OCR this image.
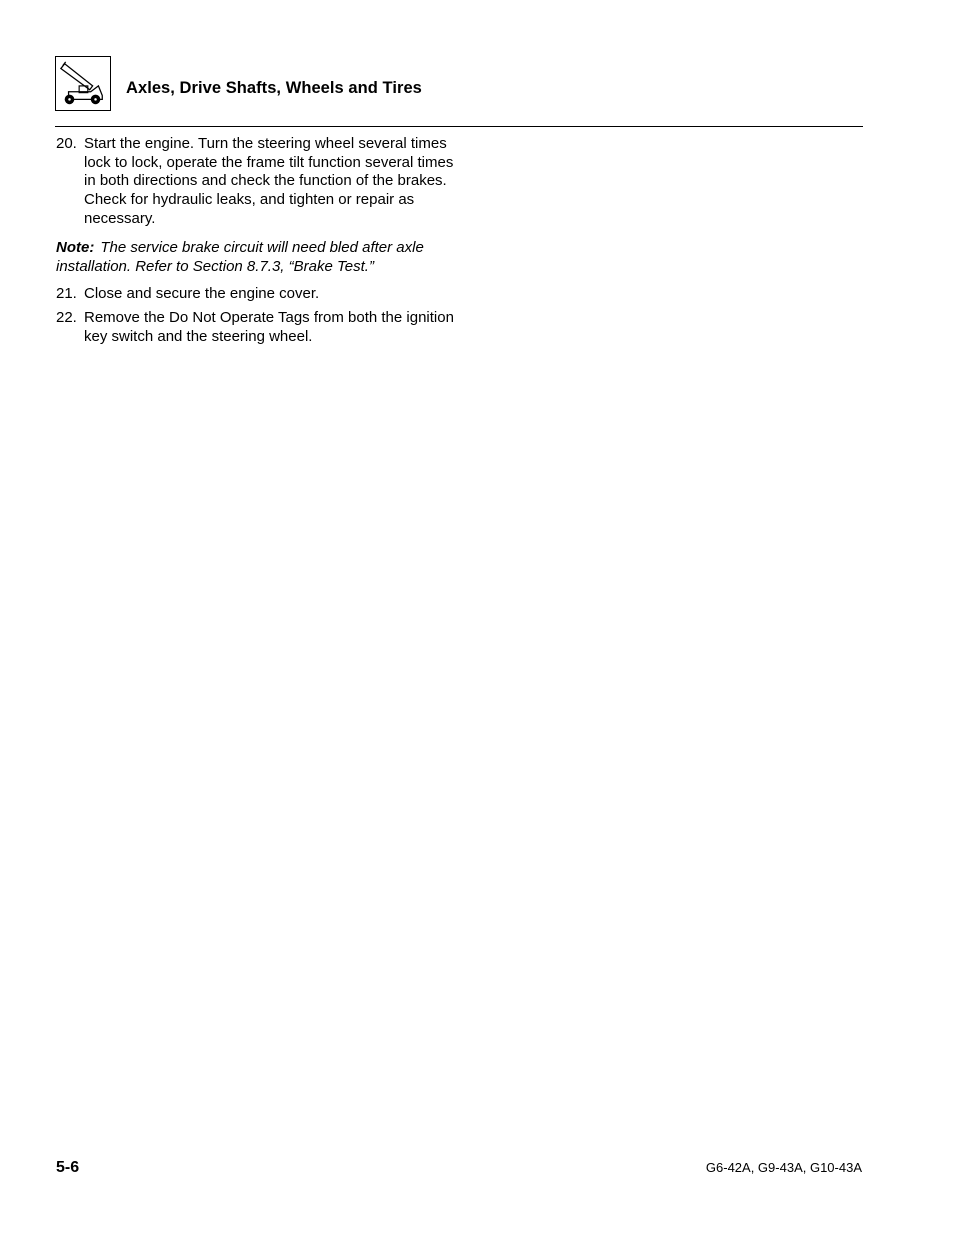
Axles, Drive Shafts, Wheels and Tires
20. Start the engine. Turn the steering wheel several times lock to lock, operate the frame tilt function several times in both directions and check the function of the brakes. Check for hydraulic leaks, and tighten or repair as necessary.
Note: The service brake circuit will need bled after axle installation. Refer to Section 8.7.3, “Brake Test.”
21. Close and secure the engine cover.
22. Remove the Do Not Operate Tags from both the ignition key switch and the steering wheel.
5-6	G6-42A, G9-43A, G10-43A
